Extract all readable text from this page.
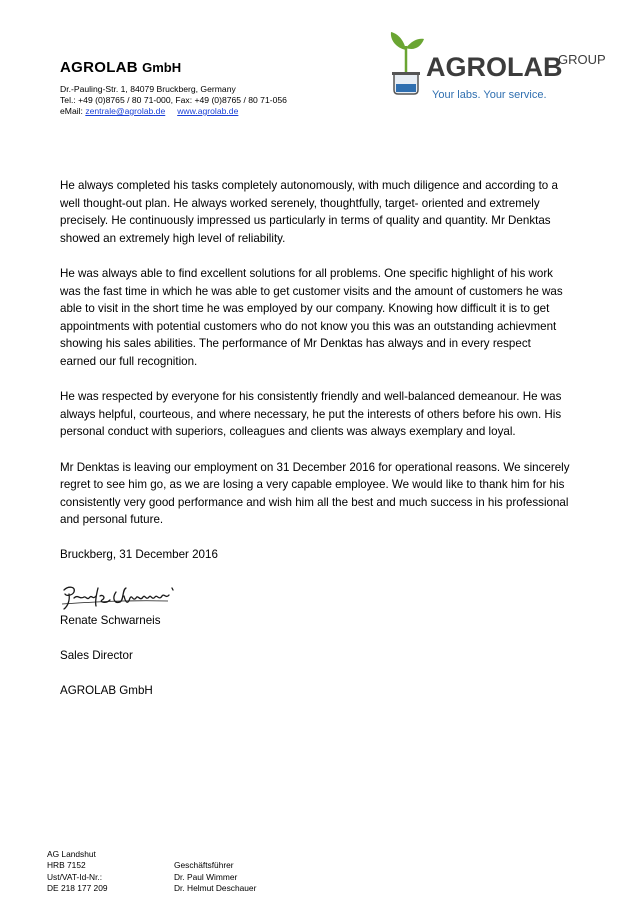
AGROLAB GmbH
Dr.-Pauling-Str. 1, 84079 Bruckberg, Germany
Tel.: +49 (0)8765 / 80 71-000, Fax: +49 (0)8765 / 80 71-056
eMail: zentrale@agrolab.de www.agrolab.de
AGROLAB
GROUP
Your labs. Your service.

He always completed his tasks completely autonomously, with much diligence and according to a well thought-out plan. He always worked serenely, thoughtfully, target- oriented and extremely precisely. He continuously impressed us particularly in terms of quality and quantity. Mr Denktas showed an extremely high level of reliability.

He was always able to find excellent solutions for all problems. One specific highlight of his work was the fast time in which he was able to get customer visits and the amount of customers he was able to visit in the short time he was employed by our company. Knowing how difficult it is to get appointments with potential customers who do not know you this was an outstanding achievment showing his sales abilities. The performance of Mr Denktas has always and in every respect earned our full recognition.

He was respected by everyone for his consistently friendly and well-balanced demeanour. He was always helpful, courteous, and where necessary, he put the interests of others before his own. His personal conduct with superiors, colleagues and clients was always exemplary and loyal.

Mr Denktas is leaving our employment on 31 December 2016 for operational reasons. We sincerely regret to see him go, as we are losing a very capable employee. We would like to thank him for his consistently very good performance and wish him all the best and much success in his professional and personal future.

Bruckberg, 31 December 2016

Renate Schwarneis

Sales Director

AGROLAB GmbH

AG Landshut
HRB 7152
Ust/VAT-Id-Nr.:
DE 218 177 209
Geschäftsführer
Dr. Paul Wimmer
Dr. Helmut Deschauer
